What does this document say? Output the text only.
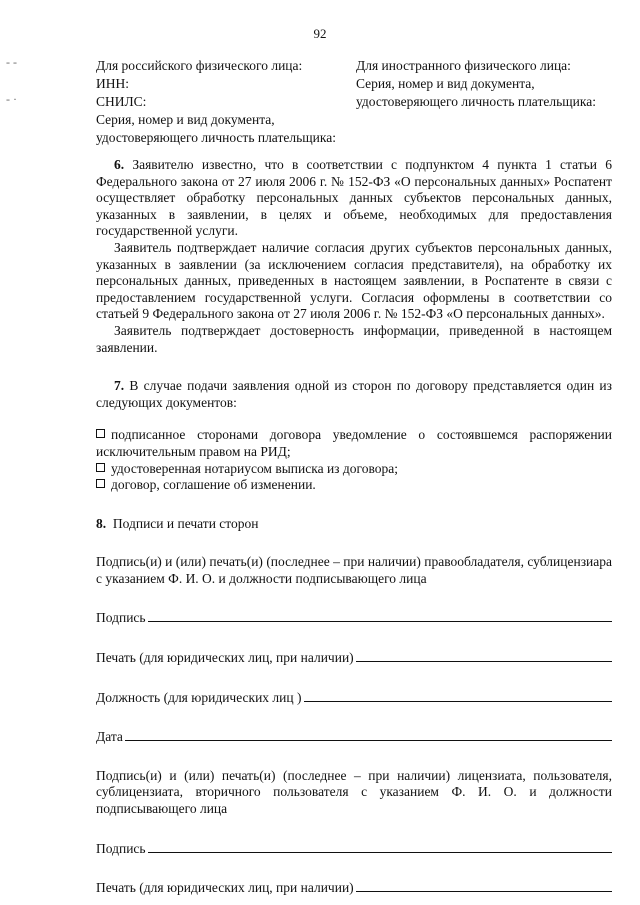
- -
- ·
92
Для российского физического лица:
ИНН:
СНИЛС:
Серия, номер и вид документа,
удостоверяющего личность плательщика:
Для иностранного физического лица:
Серия, номер и вид документа,
удостоверяющего личность плательщика:

6. Заявителю известно, что в соответствии с подпунктом 4 пункта 1 статьи 6 Федерального закона от 27 июля 2006 г. № 152-ФЗ «О персональных данных» Роспатент осуществляет обработку персональных данных субъектов персональных данных, указанных в заявлении, в целях и объеме, необходимых для предоставления государственной услуги.

Заявитель подтверждает наличие согласия других субъектов персональных данных, указанных в заявлении (за исключением согласия представителя), на обработку их персональных данных, приведенных в настоящем заявлении, в Роспатенте в связи с предоставлением государственной услуги. Согласия оформлены в соответствии со статьей 9 Федерального закона от 27 июля 2006 г. № 152-ФЗ «О персональных данных».

Заявитель подтверждает достоверность информации, приведенной в настоящем заявлении.

7. В случае подачи заявления одной из сторон по договору представляется один из следующих документов:

подписанное сторонами договора уведомление о состоявшемся распоряжении исключительным правом на РИД;

удостоверенная нотариусом выписка из договора;

договор, соглашение об изменении.

8. Подписи и печати сторон

Подпись(и) и (или) печать(и) (последнее – при наличии) правообладателя, сублицензиара с указанием Ф. И. О. и должности подписывающего лица

Подпись
Печать (для юридических лиц, при наличии)
Должность (для юридических лиц )
Дата

Подпись(и) и (или) печать(и) (последнее – при наличии) лицензиата, пользователя, сублицензиата, вторичного пользователя с указанием Ф. И. О. и должности подписывающего лица

Подпись
Печать (для юридических лиц, при наличии)
